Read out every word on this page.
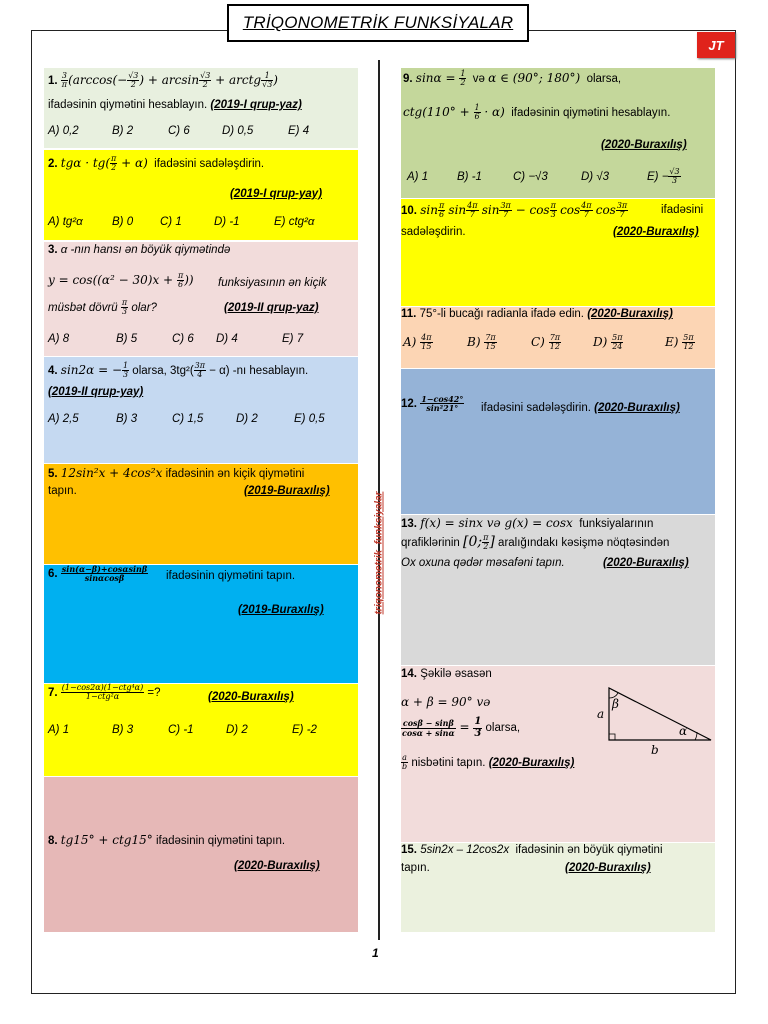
TRİQONOMETRİK FUNKSİYALAR
JT
triqonometrik_funksiyalar
1
1. $\frac{3}{\pi} (\arccos(- \frac{√3}{2}$ ) + $\arcsin \frac{√3}{2}$ + arctg $\frac{1}{√3}$ )
ifadəsinin qiymətini hesablayın. (2019-I qrup-yaz)
A) 0,2	B) 2	C) 6	D) 0,5	E) 4
2. $tg\alpha \cdot tg( \frac{\pi}{2} + \alpha)$ ifadəsini sadələşdirin.
(2019-I qrup-yay)
A) tg²α	B) 0 C) 1	D) -1	E) ctg²α
3. α -nın hansı ən böyük qiymətində
$y = \cos((\alpha^2 - 30)x + \frac{\pi}{6}$ )) funksiyasının ən kiçik
müsbət dövrü $\frac{\pi}{3}$ olar?	(2019-II qrup-yaz)
A) 8	B) 5	C) 6 D) 4	E) 7
4. sin2α = − $\frac{1}{3}$ olarsa, $3tg^2( \frac{3\pi}{4} - \alpha)$ -nı hesablayın.
(2019-II qrup-yay)
A) 2,5	B) 3	C) 1,5	D) 2	E) 0,5
5. 12sin²x + 4cos²x ifadəsinin ən kiçik qiymətini
tapın.	(2019-Buraxılış)
6. $\frac{\sin(\alpha-\beta)+\cos\alpha\sin\beta}{\sin\alpha\cos\beta}$ ifadəsinin qiymətini tapın.
(2019-Buraxılış)
7. $\frac{\text{(1−cos2α)(1−ctg⁴α)}}{\text{1−ctg²α}}$ =?	(2020-Buraxılış)
A) 1	B) 3	C) -1	D) 2	E) -2
8. tg15° + ctg15° ifadəsinin qiymətini tapın.
(2020-Buraxılış)
9. $\sin\alpha = \frac{1}{2}$ və α ∈ (90°; 180°) olarsa,
$ctg(110^\circ + \frac{1}{6} \cdot \alpha)$ ifadəsinin qiymətini hesablayın.
(2020-Buraxılış)
A) 1	B) -1	C) −√3	D) √3	$E) - \frac{√3}{3}$
10. $\sin \frac{\pi}{6}$ $\sin \frac{4\pi}{7}$ $\sin \frac{3\pi}{7} - \cos \frac{\pi}{3}$ $\cos \frac{4\pi}{7}$ $\cos \frac{3\pi}{7}$	ifadəsini
sadələşdirin.	(2020-Buraxılış)
11. 75°-li bucağı radianla ifadə edin. (2020-Buraxılış)
$A) \frac{4\pi}{15}$	$B) \frac{7\pi}{15}$	$C) \frac{7\pi}{12}$	$D) \frac{5\pi}{24}$	$E) \frac{5\pi}{12}$
12. $\frac{1-\cos 42^\circ}{\text{sin²21°}}$ ifadəsini sadələşdirin. (2020-Buraxılış)
13. f(x) = sinx və g(x) = cosx funksiyalarının
qrafiklərinin [0; $\frac{\pi}{2}$ ] aralığındakı kəsişmə nöqtəsindən
Ox oxuna qədər məsafəni tapın.	(2020-Buraxılış)
14. Şəkilə əsasən
α + β = 90° və
$\frac{\cos\beta - \sin\beta}{\cos\alpha + \sin\alpha} = \frac{1}{3}$ olarsa,
$\frac{a}{b}$ nisbətini tapın. (2020-Buraxılış)
a
b
β
α
15. 5sin2x – 12cos2x ifadəsinin ən böyük qiymətini
tapın.	(2020-Buraxılış)
